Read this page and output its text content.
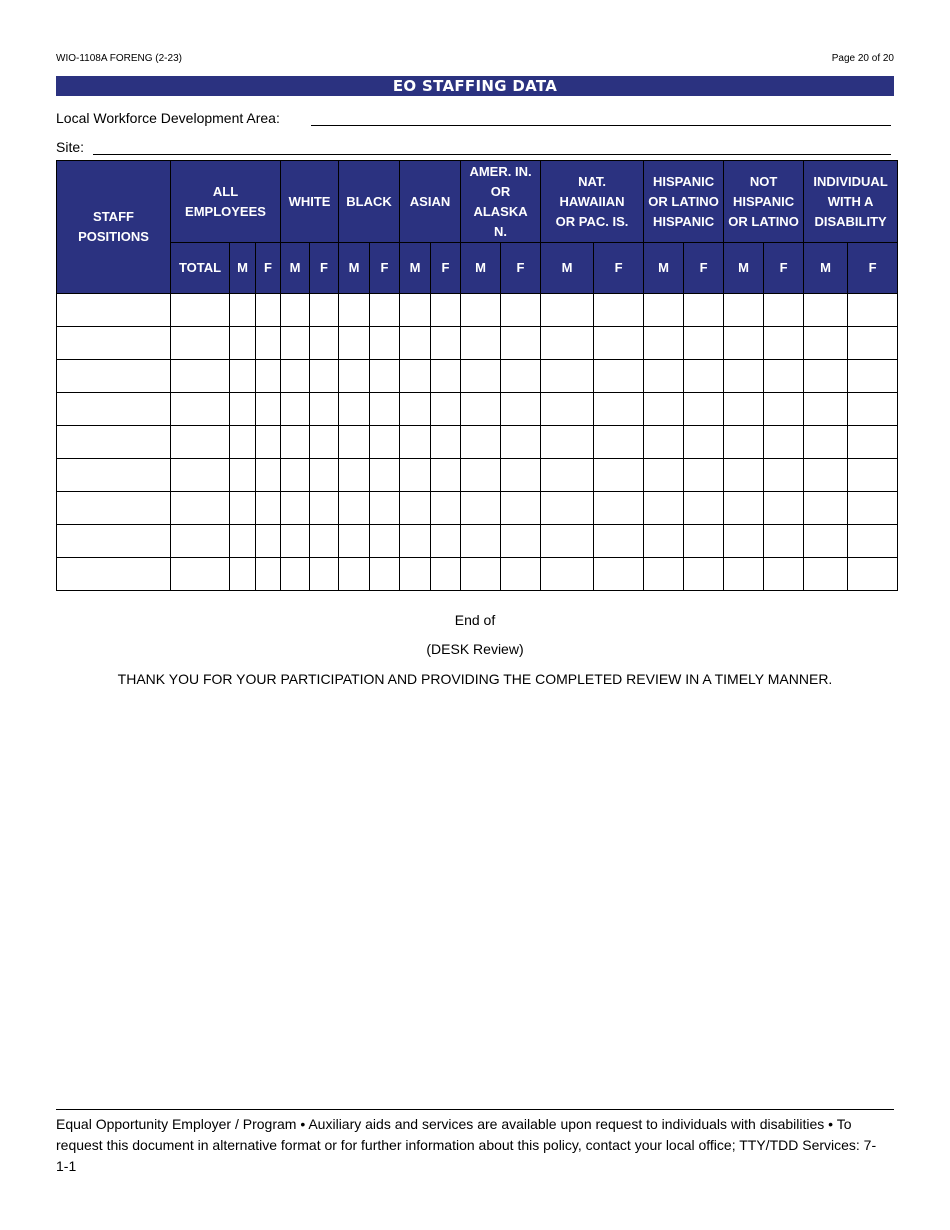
WIO-1108A FORENG (2-23)	Page 20 of 20
EO STAFFING DATA
Local Workforce Development Area:
Site:
STAFF POSITIONS	ALL EMPLOYEES			WHITE		BLACK		ASIAN		AMER. IN. OR ALASKA N.		NAT. HAWAIIAN OR PAC. IS.		HISPANIC OR LATINO HISPANIC		NOT HISPANIC OR LATINO		INDIVIDUAL WITH A DISABILITY	
	TOTAL	M	F	M	F	M	F	M	F	M	F	M	F	M	F	M	F	M	F

End of
(DESK Review)
THANK YOU FOR YOUR PARTICIPATION AND PROVIDING THE COMPLETED REVIEW IN A TIMELY MANNER.
Equal Opportunity Employer / Program • Auxiliary aids and services are available upon request to individuals with disabilities • To request this document in alternative format or for further information about this policy, contact your local office; TTY/TDD Services: 7-1-1
